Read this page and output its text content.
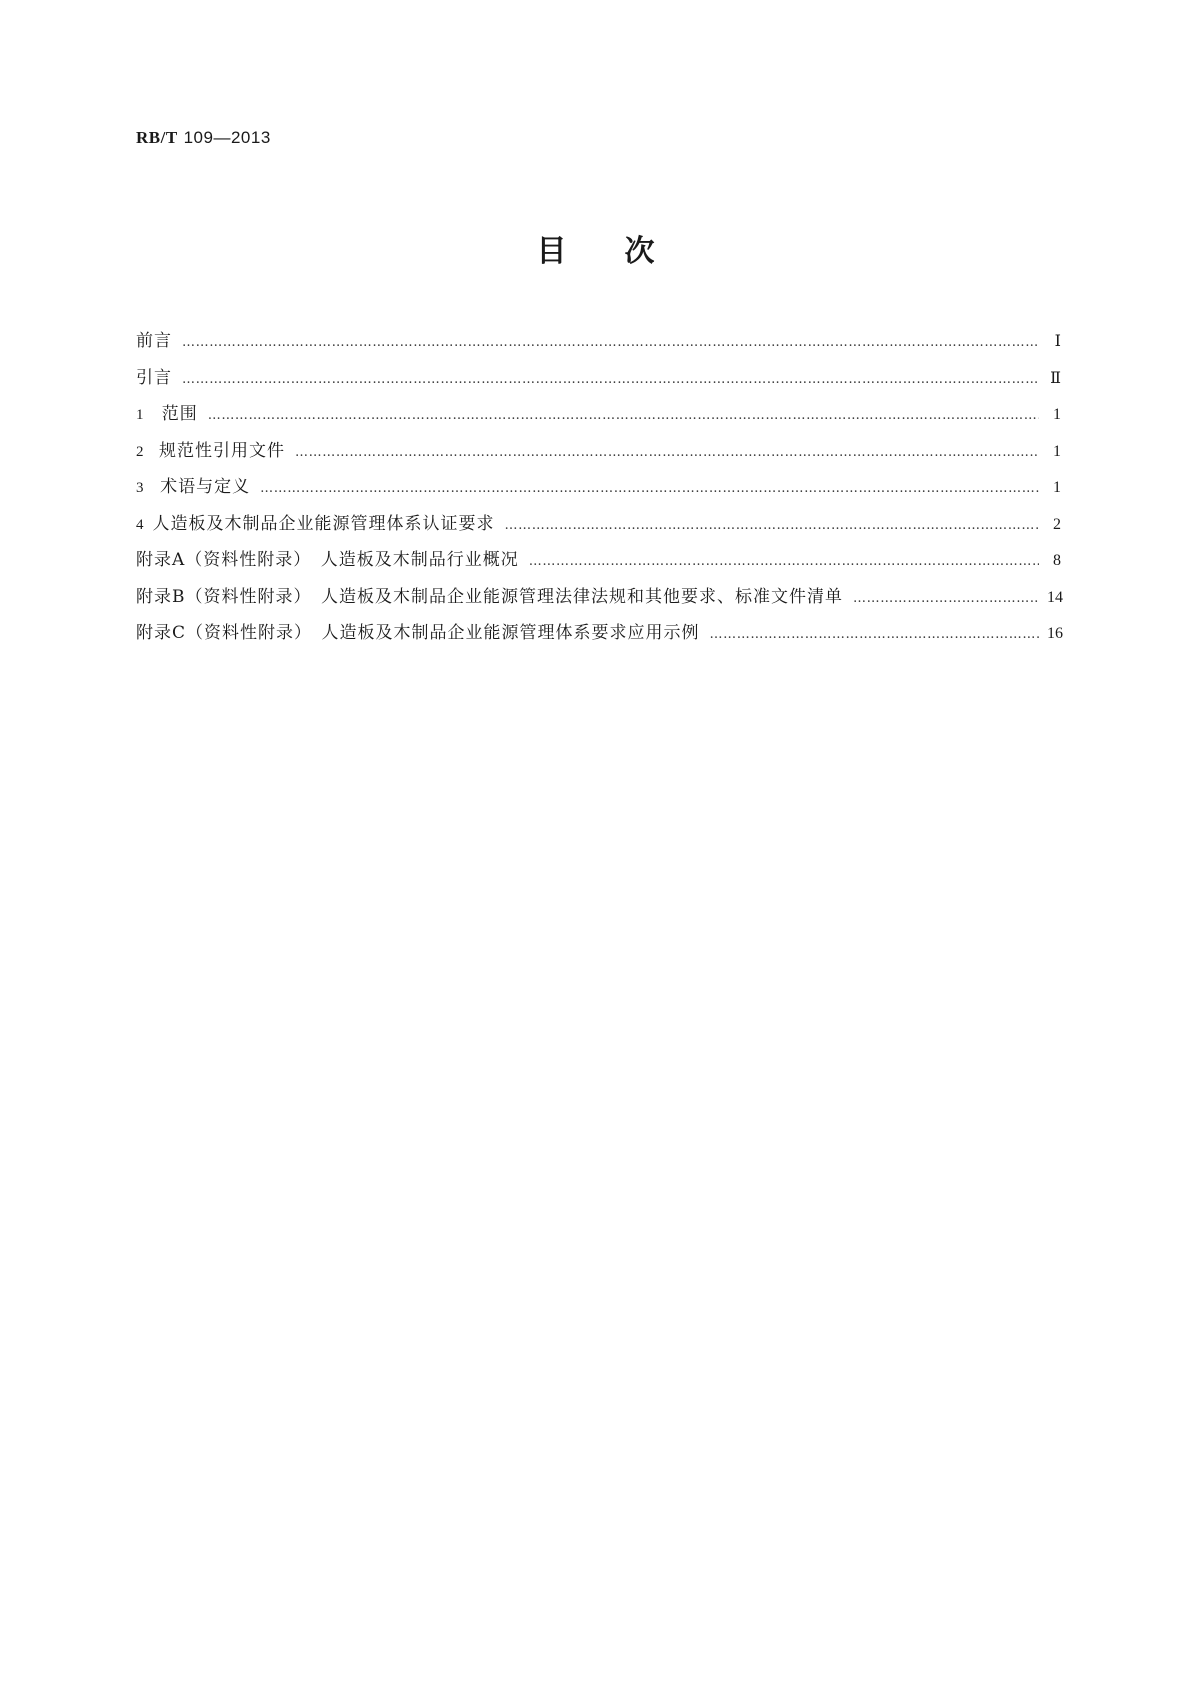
RB/T 109—2013
目次
前言 …………………………………………………………………………………………………………………………………………………………………………………………………………	Ⅰ
引言 …………………………………………………………………………………………………………………………………………………………………………………………………………	Ⅱ
1	范围 …………………………………………………………………………………………………………………………………………………………………………………………………………	1
2 规范性引用文件 …………………………………………………………………………………………………………………………………………………………………………………………………………	1
3 术语与定义 …………………………………………………………………………………………………………………………………………………………………………………………………………	1
4 人造板及木制品企业能源管理体系认证要求 …………………………………………………………………………………………………………………………………………………………………………………………………………	2
附录A（资料性附录）　人造板及木制品行业概况 …………………………………………………………………………………………………………………………………………………………………………………………………………	8
附录B（资料性附录）　人造板及木制品企业能源管理法律法规和其他要求、标准文件清单 …………………………………………………………………………………………………………………………………………………………………………………………………………	14
附录C（资料性附录）　人造板及木制品企业能源管理体系要求应用示例 …………………………………………………………………………………………………………………………………………………………………………………………………………	16
